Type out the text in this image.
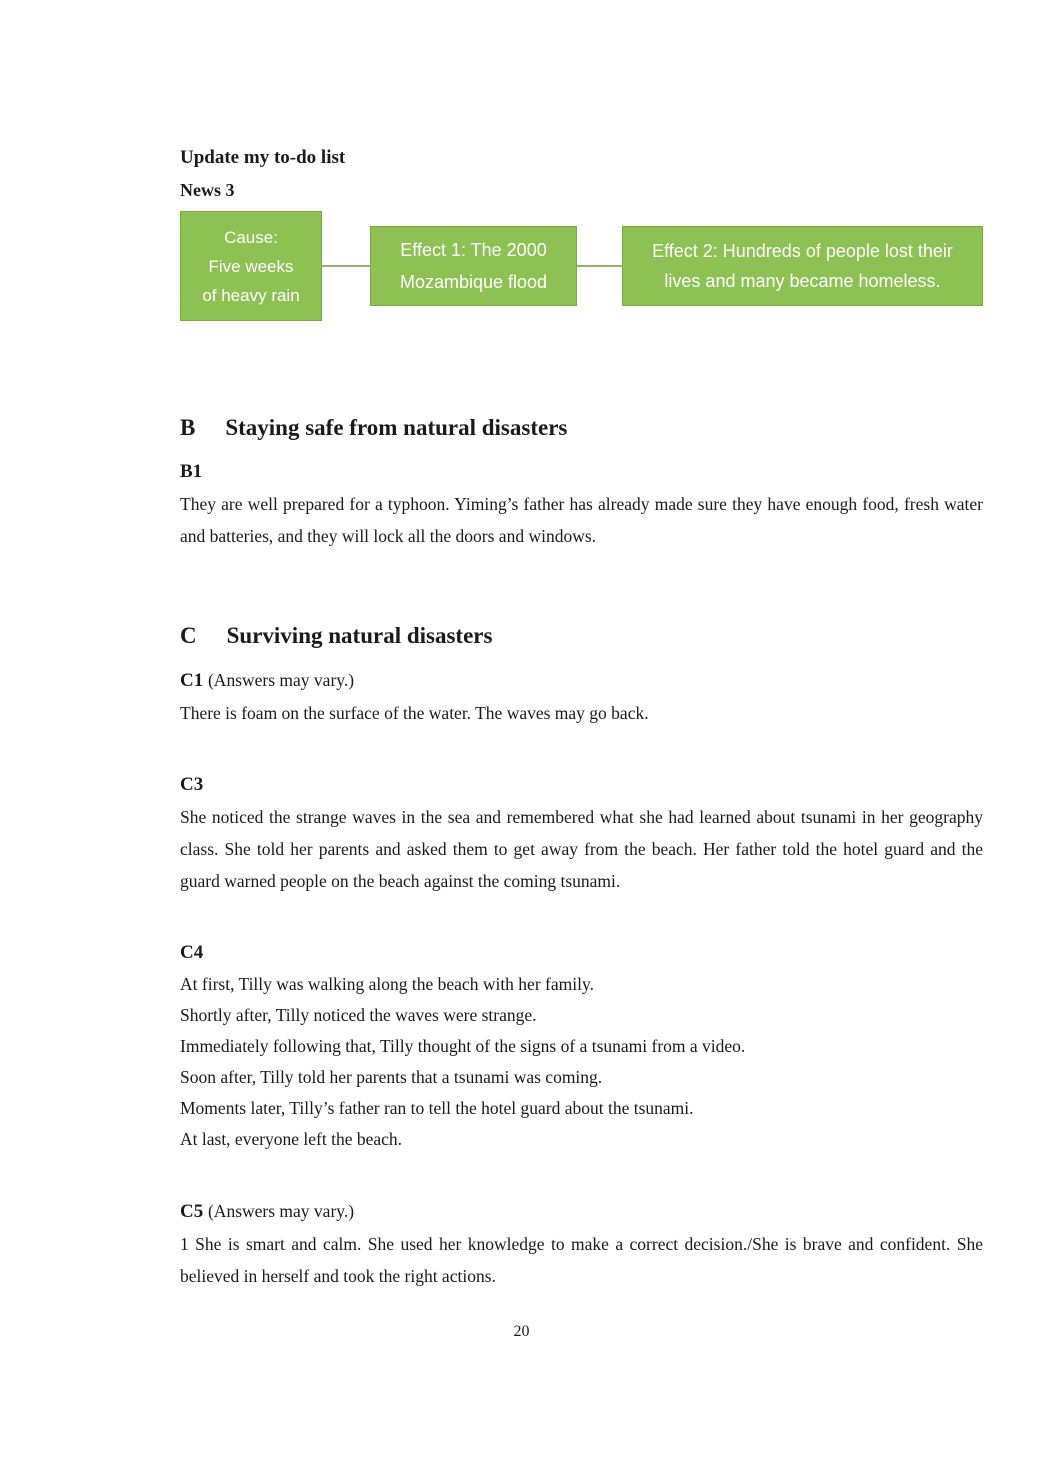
Update my to-do list
News 3
Cause:
Five weeks
of heavy rain
Effect 1: The 2000
Mozambique flood
Effect 2: Hundreds of people lost their
lives and many became homeless.
B Staying safe from natural disasters
B1
They are well prepared for a typhoon. Yiming’s father has already made sure they have enough food, fresh water and batteries, and they will lock all the doors and windows.
C Surviving natural disasters
C1 (Answers may vary.)
There is foam on the surface of the water. The waves may go back.
C3
She noticed the strange waves in the sea and remembered what she had learned about tsunami in her geography class. She told her parents and asked them to get away from the beach. Her father told the hotel guard and the guard warned people on the beach against the coming tsunami.
C4
At first, Tilly was walking along the beach with her family.
Shortly after, Tilly noticed the waves were strange.
Immediately following that, Tilly thought of the signs of a tsunami from a video.
Soon after, Tilly told her parents that a tsunami was coming.
Moments later, Tilly’s father ran to tell the hotel guard about the tsunami.
At last, everyone left the beach.
C5 (Answers may vary.)
1 She is smart and calm. She used her knowledge to make a correct decision./She is brave and confident. She believed in herself and took the right actions.
20
